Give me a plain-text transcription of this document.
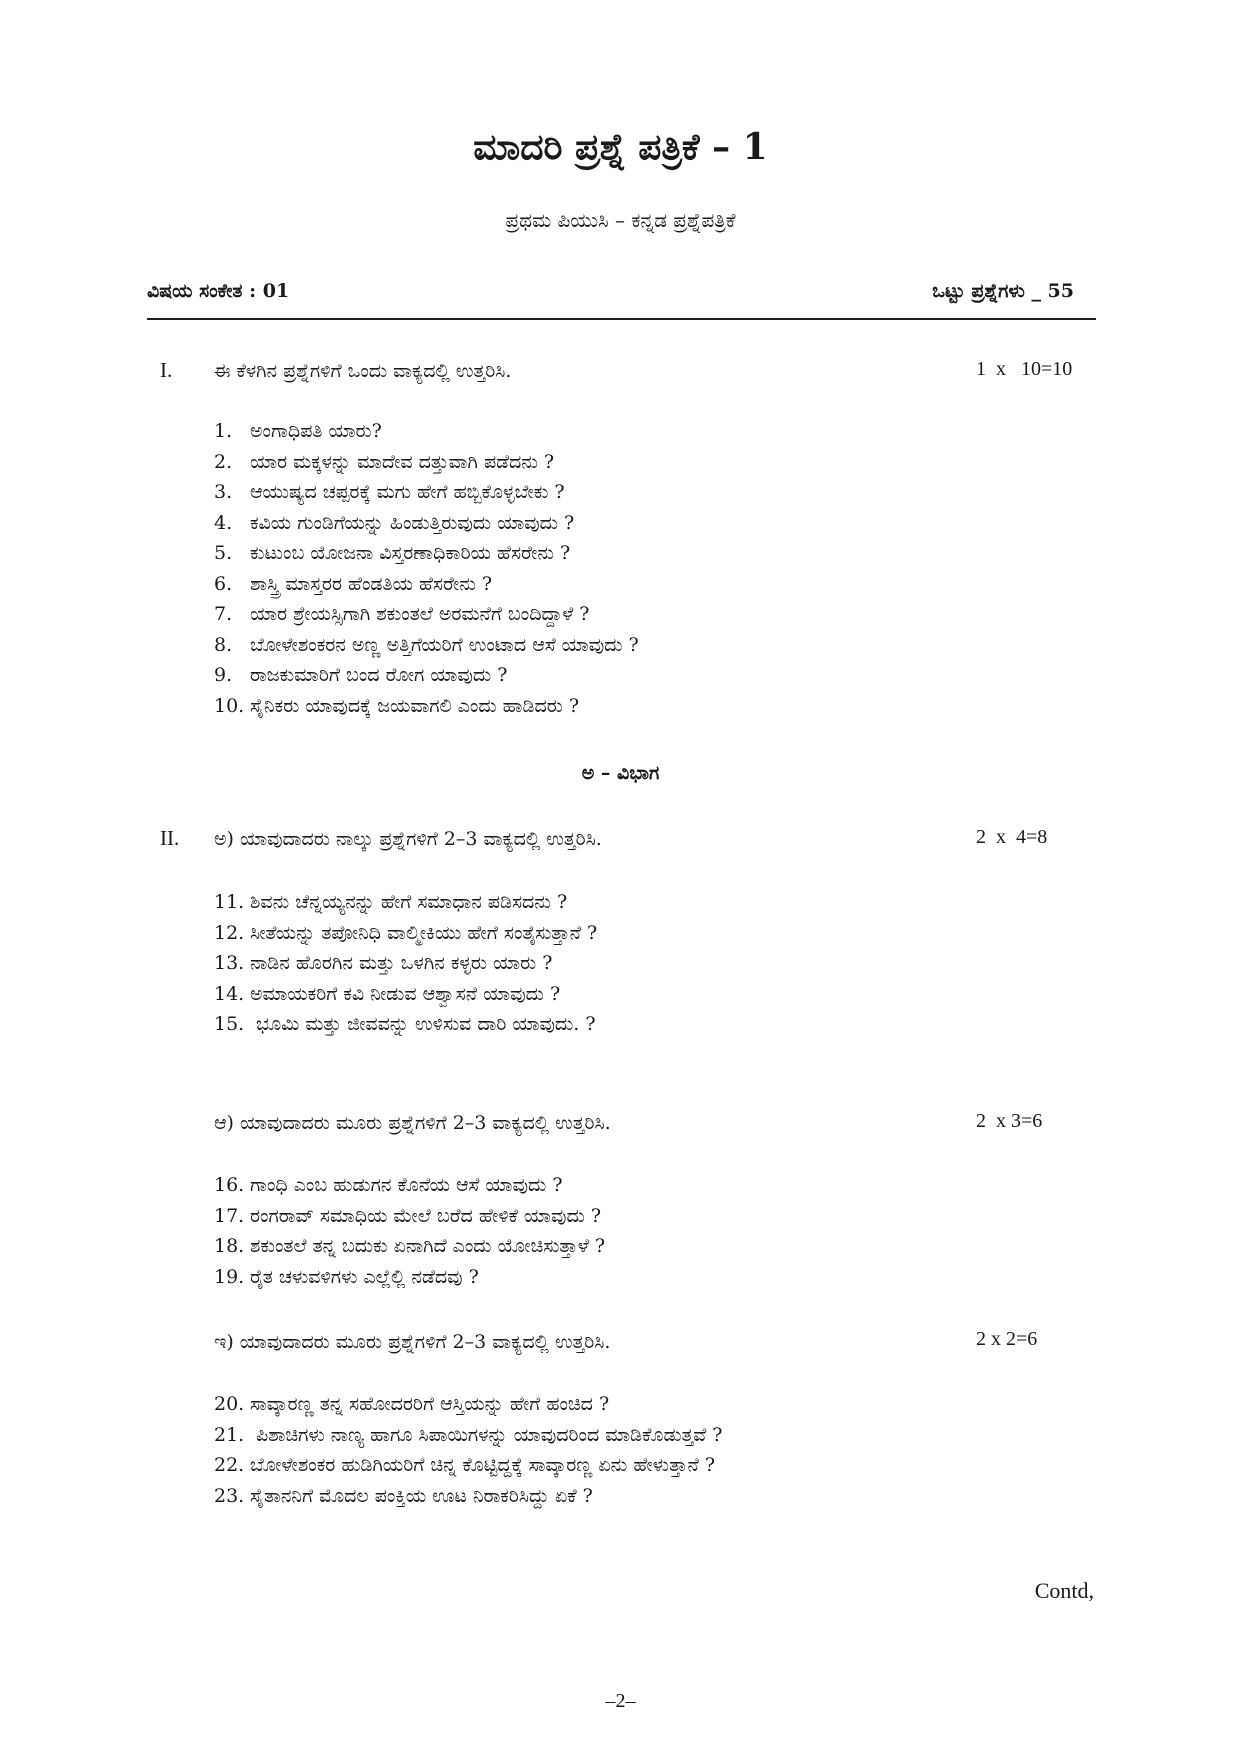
ಮಾದರಿ ಪ್ರಶ್ನೆ ಪತ್ರಿಕೆ – 1
ಪ್ರಥಮ ಪಿಯುಸಿ – ಕನ್ನಡ ಪ್ರಶ್ನೆಪತ್ರಿಕೆ
ವಿಷಯ ಸಂಕೇತ : 01	ಒಟ್ಟು ಪ್ರಶ್ನೆಗಳು _ 55
I. ಈ ಕೆಳಗಿನ ಪ್ರಶ್ನೆಗಳಿಗೆ ಒಂದು ವಾಕ್ಯದಲ್ಲಿ ಉತ್ತರಿಸಿ.	1  x   10=10
1. ಅಂಗಾಧಿಪತಿ ಯಾರು?
2. ಯಾರ ಮಕ್ಕಳನ್ನು ಮಾದೇವ ದತ್ತುವಾಗಿ ಪಡೆದನು ?
3. ಆಯುಷ್ಯದ ಚಪ್ಪರಕ್ಕೆ ಮಗು ಹೇಗೆ ಹಬ್ಬಿಕೊಳ್ಳಬೇಕು ?
4. ಕವಿಯ ಗುಂಡಿಗೆಯನ್ನು ಹಿಂಡುತ್ತಿರುವುದು ಯಾವುದು ?
5. ಕುಟುಂಬ ಯೋಜನಾ ವಿಸ್ತರಣಾಧಿಕಾರಿಯ ಹೆಸರೇನು ?
6. ಶಾಸ್ತ್ರಿ ಮಾಸ್ತರರ ಹೆಂಡತಿಯ ಹೆಸರೇನು ?
7. ಯಾರ ಶ್ರೇಯಸ್ಸಿಗಾಗಿ ಶಕುಂತಲೆ ಅರಮನೆಗೆ ಬಂದಿದ್ದಾಳೆ ?
8. ಬೋಳೇಶಂಕರನ ಅಣ್ಣ ಅತ್ತಿಗೆಯರಿಗೆ ಉಂಟಾದ ಆಸೆ ಯಾವುದು ?
9. ರಾಜಕುಮಾರಿಗೆ ಬಂದ ರೋಗ ಯಾವುದು ?
10. ಸೈನಿಕರು ಯಾವುದಕ್ಕೆ ಜಯವಾಗಲಿ ಎಂದು ಹಾಡಿದರು ?
ಅ – ವಿಭಾಗ
II. ಅ) ಯಾವುದಾದರು ನಾಲ್ಕು ಪ್ರಶ್ನೆಗಳಿಗೆ 2–3 ವಾಕ್ಯದಲ್ಲಿ ಉತ್ತರಿಸಿ.	2  x  4=8
11. ಶಿವನು ಚೆನ್ನಯ್ಯನನ್ನು ಹೇಗೆ ಸಮಾಧಾನ ಪಡಿಸದನು ?
12. ಸೀತೆಯನ್ನು ತಪೋನಿಧಿ ವಾಲ್ಮೀಕಿಯು ಹೇಗೆ ಸಂತೈಸುತ್ತಾನೆ ?
13. ನಾಡಿನ ಹೊರಗಿನ ಮತ್ತು ಒಳಗಿನ ಕಳ್ಳರು ಯಾರು ?
14. ಅಮಾಯಕರಿಗೆ ಕವಿ ನೀಡುವ ಆಶ್ವಾಸನೆ ಯಾವುದು ?
15. ಭೂಮಿ ಮತ್ತು ಜೀವವನ್ನು ಉಳಿಸುವ ದಾರಿ ಯಾವುದು. ?
ಆ) ಯಾವುದಾದರು ಮೂರು ಪ್ರಶ್ನೆಗಳಿಗೆ 2–3 ವಾಕ್ಯದಲ್ಲಿ ಉತ್ತರಿಸಿ.	2  x 3=6
16. ಗಾಂಧಿ ಎಂಬ ಹುಡುಗನ ಕೊನೆಯ ಆಸೆ ಯಾವುದು ?
17. ರಂಗರಾವ್ ಸಮಾಧಿಯ ಮೇಲೆ ಬರೆದ ಹೇಳಿಕೆ ಯಾವುದು ?
18. ಶಕುಂತಲೆ ತನ್ನ ಬದುಕು ಏನಾಗಿದೆ ಎಂದು ಯೋಚಿಸುತ್ತಾಳೆ ?
19. ರೈತ ಚಳುವಳಿಗಳು ಎಲ್ಲೆಲ್ಲಿ ನಡೆದವು ?
ಇ) ಯಾವುದಾದರು ಮೂರು ಪ್ರಶ್ನೆಗಳಿಗೆ 2–3 ವಾಕ್ಯದಲ್ಲಿ ಉತ್ತರಿಸಿ.	2 x 2=6
20. ಸಾವ್ಕಾರಣ್ಣ ತನ್ನ ಸಹೋದರರಿಗೆ ಆಸ್ತಿಯನ್ನು ಹೇಗೆ ಹಂಚಿದ ?
21. ಪಿಶಾಚಿಗಳು ನಾಣ್ಯ ಹಾಗೂ ಸಿಪಾಯಿಗಳನ್ನು ಯಾವುದರಿಂದ ಮಾಡಿಕೊಡುತ್ತವೆ ?
22. ಬೋಳೇಶಂಕರ ಹುಡಿಗಿಯರಿಗೆ ಚಿನ್ನ ಕೊಟ್ಟಿದ್ದಕ್ಕೆ ಸಾವ್ಕಾರಣ್ಣ ಏನು ಹೇಳುತ್ತಾನೆ ?
23. ಸೈತಾನನಿಗೆ ಮೊದಲ ಪಂಕ್ತಿಯ ಊಟ ನಿರಾಕರಿಸಿದ್ದು ಏಕೆ ?
Contd,
–2–
